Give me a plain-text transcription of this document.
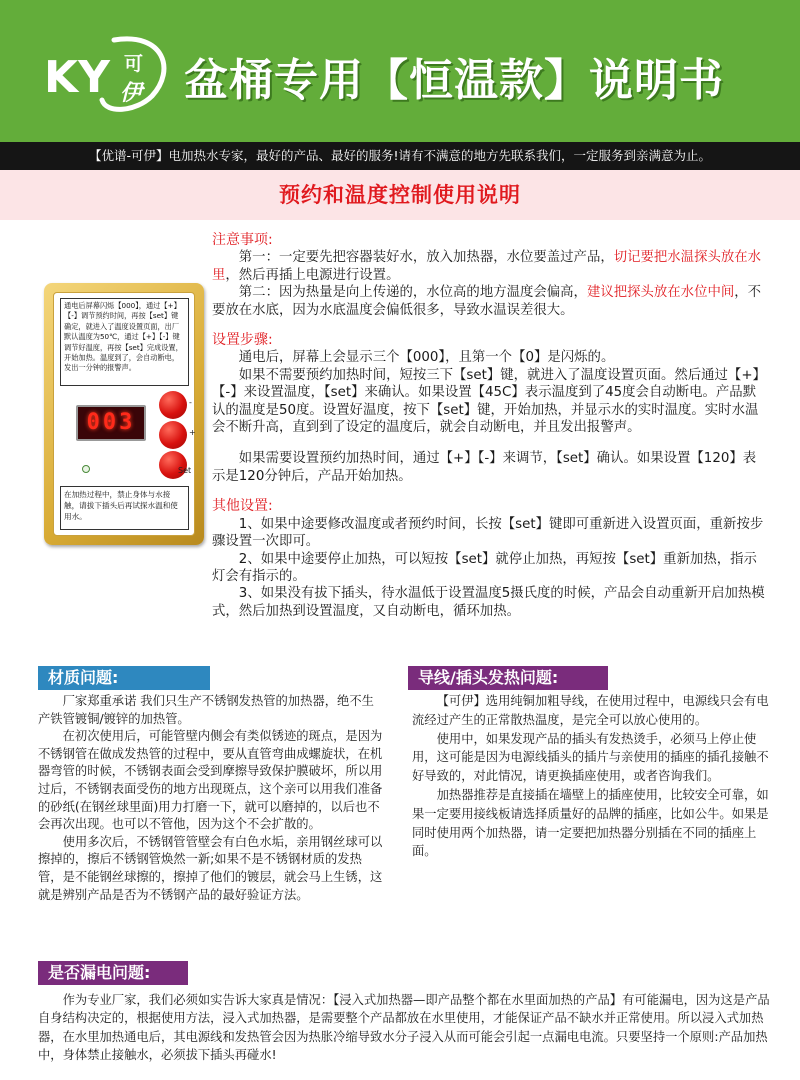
KY 可
伊 盆桶专用【恒温款】说明书
【优谱-可伊】电加热水专家，最好的产品、最好的服务!请有不满意的地方先联系我们，一定服务到亲满意为止。
预约和温度控制使用说明
通电后屏幕闪烁【000】，通过【+】【-】调节预约时间，再按【set】键确定，就进入了温度设置页面，出厂默认温度为50℃，通过【+】【-】键调节好温度，再按【set】完成设置，开始加热。温度到了，会自动断电，发出一分钟的报警声。
003
-
+
Set
在加热过程中，禁止身体与水接触，请拔下插头后再试探水温和使用水。

注意事项:

第一：一定要先把容器装好水，放入加热器，水位要盖过产品，切记要把水温探头放在水里，然后再插上电源进行设置。

第二：因为热量是向上传递的，水位高的地方温度会偏高，建议把探头放在水位中间，不要放在水底，因为水底温度会偏低很多，导致水温误差很大。

设置步骤:

通电后，屏幕上会显示三个【000】，且第一个【0】是闪烁的。

如果不需要预约加热时间，短按三下【set】键，就进入了温度设置页面。然后通过【+】【-】来设置温度，【set】来确认。如果设置【45C】表示温度到了45度会自动断电。产品默认的温度是50度。设置好温度，按下【set】键，开始加热，并显示水的实时温度。实时水温会不断升高，直到到了设定的温度后，就会自动断电，并且发出报警声。

如果需要设置预约加热时间，通过【+】【-】来调节，【set】确认。如果设置【120】表示是120分钟后，产品开始加热。

其他设置:

1、如果中途要修改温度或者预约时间，长按【set】键即可重新进入设置页面，重新按步骤设置一次即可。

2、如果中途要停止加热，可以短按【set】就停止加热，再短按【set】重新加热，指示灯会有指示的。

3、如果没有拔下插头，待水温低于设置温度5摄氏度的时候，产品会自动重新开启加热模式，然后加热到设置温度，又自动断电，循环加热。

材质问题:

厂家郑重承诺 我们只生产不锈钢发热管的加热器，绝不生产铁管镀铜/镀锌的加热管。

在初次使用后，可能管壁内侧会有类似锈迹的斑点，是因为不锈钢管在做成发热管的过程中，要从直管弯曲成螺旋状，在机器弯管的时候，不锈钢表面会受到摩擦导致保护膜破坏，所以用过后，不锈钢表面受伤的地方出现斑点，这个亲可以用我们准备的砂纸(在钢丝球里面)用力打磨一下，就可以磨掉的，以后也不会再次出现。也可以不管他，因为这个不会扩散的。

使用多次后，不锈钢管管壁会有白色水垢，亲用钢丝球可以擦掉的，擦后不锈钢管焕然一新;如果不是不锈钢材质的发热管，是不能钢丝球擦的，擦掉了他们的镀层，就会马上生锈，这就是辨别产品是否为不锈钢产品的最好验证方法。

导线/插头发热问题:

【可伊】选用纯铜加粗导线，在使用过程中，电源线只会有电流经过产生的正常散热温度，是完全可以放心使用的。

使用中，如果发现产品的插头有发热烫手，必须马上停止使用，这可能是因为电源线插头的插片与亲使用的插座的插孔接触不好导致的，对此情况，请更换插座使用，或者咨询我们。

加热器推荐是直接插在墙壁上的插座使用，比较安全可靠，如果一定要用接线板请选择质量好的品牌的插座，比如公牛。如果是同时使用两个加热器，请一定要把加热器分别插在不同的插座上面。

是否漏电问题:
作为专业厂家，我们必须如实告诉大家真是情况：【浸入式加热器—即产品整个都在水里面加热的产品】有可能漏电，因为这是产品自身结构决定的，根据使用方法，浸入式加热器，是需要整个产品都放在水里使用，才能保证产品不缺水并正常使用。所以浸入式加热器，在水里加热通电后，其电源线和发热管会因为热胀冷缩导致水分子浸入从而可能会引起一点漏电电流。只要坚持一个原则:产品加热中，身体禁止接触水，必须拔下插头再碰水!
